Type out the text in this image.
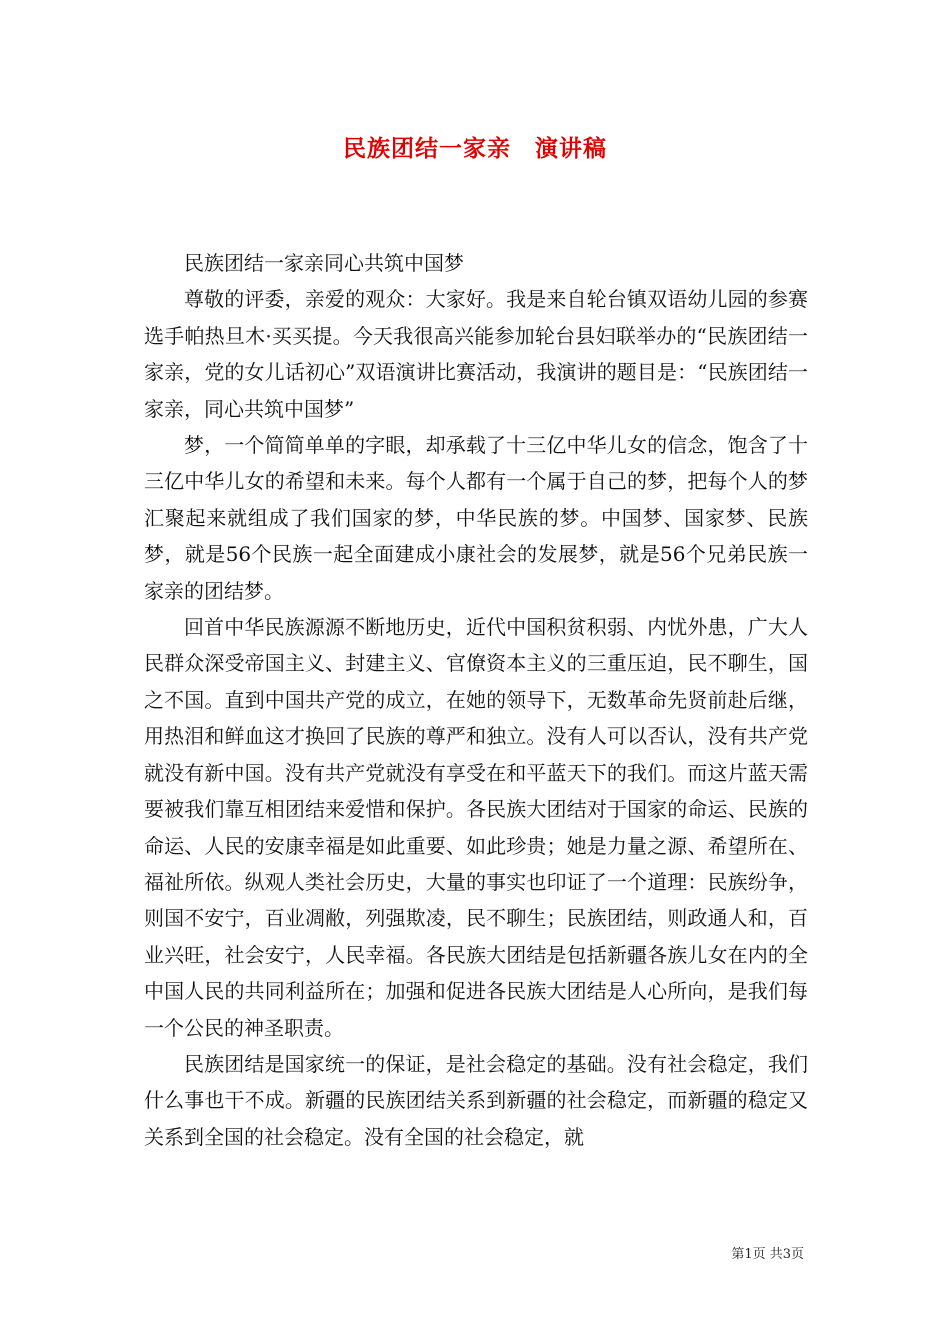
民族团结一家亲　演讲稿

民族团结一家亲同心共筑中国梦

尊敬的评委，亲爱的观众：大家好。我是来自轮台镇双语幼儿园的参赛选手帕热旦木·买买提。今天我很高兴能参加轮台县妇联举办的“民族团结一家亲，党的女儿话初心”双语演讲比赛活动，我演讲的题目是：“民族团结一家亲，同心共筑中国梦”

梦，一个简简单单的字眼，却承载了十三亿中华儿女的信念，饱含了十三亿中华儿女的希望和未来。每个人都有一个属于自己的梦，把每个人的梦汇聚起来就组成了我们国家的梦，中华民族的梦。中国梦、国家梦、民族梦，就是56个民族一起全面建成小康社会的发展梦，就是56个兄弟民族一家亲的团结梦。

回首中华民族源源不断地历史，近代中国积贫积弱、内忧外患，广大人民群众深受帝国主义、封建主义、官僚资本主义的三重压迫，民不聊生，国之不国。直到中国共产党的成立，在她的领导下，无数革命先贤前赴后继，用热泪和鲜血这才换回了民族的尊严和独立。没有人可以否认，没有共产党就没有新中国。没有共产党就没有享受在和平蓝天下的我们。而这片蓝天需要被我们靠互相团结来爱惜和保护。各民族大团结对于国家的命运、民族的命运、人民的安康幸福是如此重要、如此珍贵；她是力量之源、希望所在、福祉所依。纵观人类社会历史，大量的事实也印证了一个道理：民族纷争，则国不安宁，百业凋敝，列强欺凌，民不聊生；民族团结，则政通人和，百业兴旺，社会安宁，人民幸福。各民族大团结是包括新疆各族儿女在内的全中国人民的共同利益所在；加强和促进各民族大团结是人心所向，是我们每一个公民的神圣职责。

民族团结是国家统一的保证，是社会稳定的基础。没有社会稳定，我们什么事也干不成。新疆的民族团结关系到新疆的社会稳定，而新疆的稳定又关系到全国的社会稳定。没有全国的社会稳定，就

第1页 共3页
